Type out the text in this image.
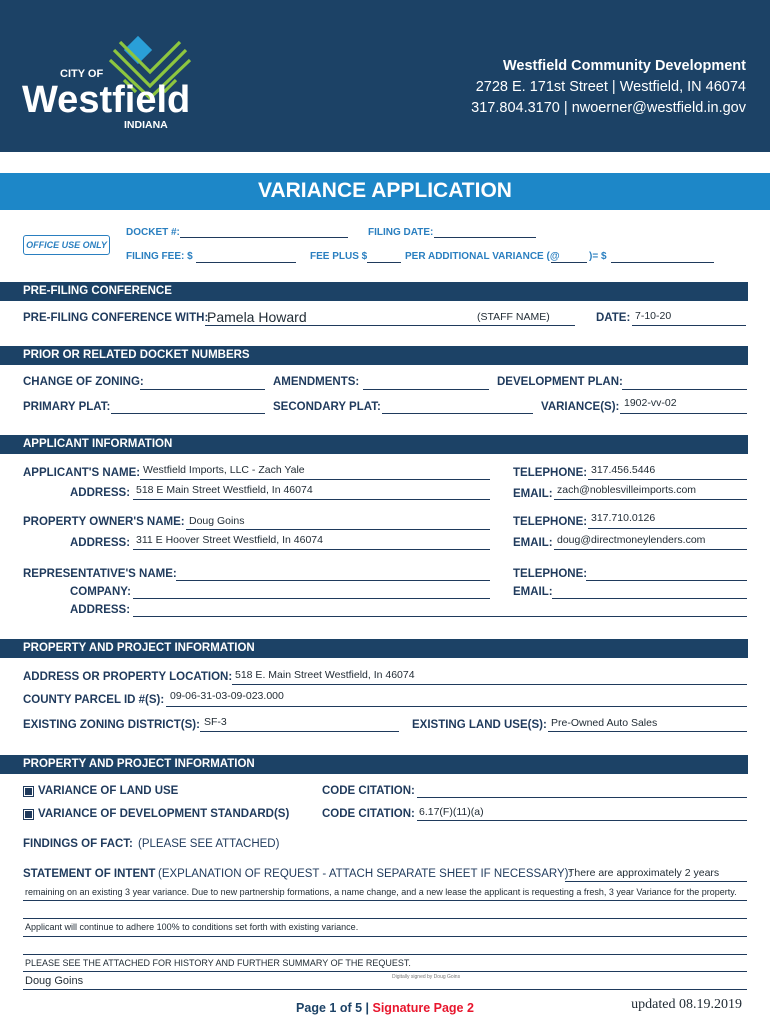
CITY OF
Westfield
INDIANA
Westfield Community Development
2728 E. 171st Street | Westfield, IN 46074
317.804.3170 | nwoerner@westfield.in.gov
VARIANCE APPLICATION
OFFICE USE ONLY
DOCKET #:	FILING DATE:
FILING FEE: $	FEE PLUS $	PER ADDITIONAL VARIANCE (@	)= $
PRE-FILING CONFERENCE
PRE-FILING CONFERENCE WITH:
Pamela Howard	(STAFF NAME)	DATE: 7-10-20
PRIOR OR RELATED DOCKET NUMBERS
CHANGE OF ZONING:	AMENDMENTS:	DEVELOPMENT PLAN:
PRIMARY PLAT:	SECONDARY PLAT:	VARIANCE(S): 1902-vv-02
APPLICANT INFORMATION
APPLICANT'S NAME: Westfield Imports, LLC - Zach Yale
ADDRESS: 518 E Main Street Westfield, In 46074
TELEPHONE: 317.456.5446
EMAIL: zach@noblesvilleimports.com
PROPERTY OWNER'S NAME: Doug Goins
ADDRESS: 311 E Hoover Street Westfield, In 46074
TELEPHONE: 317.710.0126
EMAIL: doug@directmoneylenders.com
REPRESENTATIVE'S NAME:
COMPANY:
ADDRESS:
TELEPHONE:
EMAIL:
PROPERTY AND PROJECT INFORMATION
ADDRESS OR PROPERTY LOCATION: 518 E. Main Street Westfield, In 46074
COUNTY PARCEL ID #(S): 09-06-31-03-09-023.000
EXISTING ZONING DISTRICT(S): SF-3	EXISTING LAND USE(S): Pre-Owned Auto Sales
PROPERTY AND PROJECT INFORMATION
VARIANCE OF LAND USE	CODE CITATION:
VARIANCE OF DEVELOPMENT STANDARD(S)	CODE CITATION: 6.17(F)(11)(a)
FINDINGS OF FACT: (PLEASE SEE ATTACHED)
STATEMENT OF INTENT (EXPLANATION OF REQUEST - ATTACH SEPARATE SHEET IF NECESSARY):
There are approximately 2 years
remaining on an existing 3 year variance. Due to new partnership formations, a name change, and a new lease the applicant is requesting a fresh, 3 year Variance for the property.
Applicant will continue to adhere 100% to conditions set forth with existing variance.
PLEASE SEE THE ATTACHED FOR HISTORY AND FURTHER SUMMARY OF THE REQUEST.
Doug Goins	Digitally signed by Doug Goins
Page 1 of 5 | Signature Page 2	updated 08.19.2019
